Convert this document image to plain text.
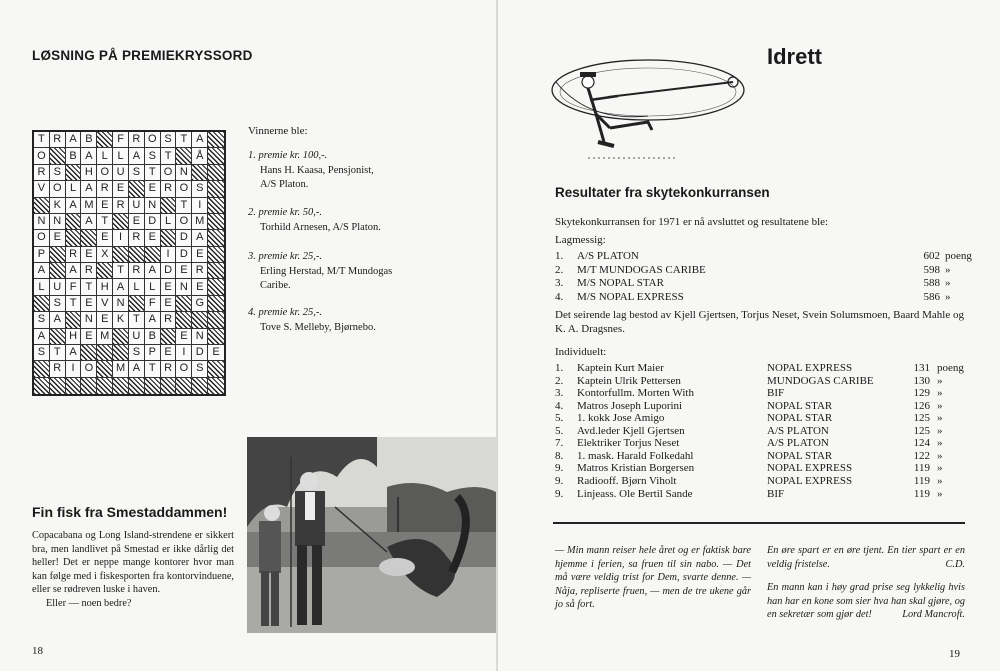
LØSNING PÅ PREMIEKRYSSORD
T R A B	F R O S T A
O	B A L L A S T	Å
R S	H O U S T O N
V O L A R E	E R O S
K A M E R U N	T I
N N	A T	E D L O M
O E	E I R E	D A
P	R E X	I D E
A	A R	T R A D E R
L U F T H A L L E N E
S T E V N	F E	G
S A	N E K T A R
A	H E M	U B	E N
S T A	S P E I D E
R I O	M A T R O S
Vinnerne ble:
1. premie kr. 100,-.
Hans H. Kaasa, Pensjonist,
A/S Platon.
2. premie kr. 50,-.
Torhild Arnesen, A/S Platon.
3. premie kr. 25,-.
Erling Herstad, M/T Mundogas
Caribe.
4. premie kr. 25,-.
Tove S. Melleby, Bjørnebo.
Fin fisk fra Smestaddammen!

Copacabana og Long Island-strendene er sikkert bra, men landlivet på Smestad er ikke dårlig det heller! Det er neppe mange kontorer hvor man kan følge med i fiskesporten fra kontorvinduene, eller se rødreven luske i haven.

Eller — noen bedre?

18
Idrett
Resultater fra skytekonkurransen
Skytekonkurransen for 1971 er nå avsluttet og resultatene ble:
Lagmessig:
1.	A/S PLATON	602 poeng
2.	M/T MUNDOGAS CARIBE	598 »
3.	M/S NOPAL STAR	588 »
4.	M/S NOPAL EXPRESS	586 »
Det seirende lag bestod av Kjell Gjertsen, Torjus Neset, Svein Solumsmoen, Baard Mahle og K. A. Dragsnes.
Individuelt:
1.	Kaptein Kurt Maier	NOPAL EXPRESS	131 poeng
2.	Kaptein Ulrik Pettersen	MUNDOGAS CARIBE	130 »
3.	Kontorfullm. Morten With	BIF	129 »
4.	Matros Joseph Luporini	NOPAL STAR	126 »
5.	1. kokk Jose Amigo	NOPAL STAR	125 »
5.	Avd.leder Kjell Gjertsen	A/S PLATON	125 »
7.	Elektriker Torjus Neset	A/S PLATON	124 »
8.	1. mask. Harald Folkedahl	NOPAL STAR	122 »
9.	Matros Kristian Borgersen	NOPAL EXPRESS	119 »
9.	Radiooff. Bjørn Viholt	NOPAL EXPRESS	119 »
9.	Linjeass. Ole Bertil Sande	BIF	119 »
— Min mann reiser hele året og er faktisk bare hjemme i ferien, sa fruen til sin nabo. — Det må være veldig trist for Dem, svarte denne. — Nåja, repliserte fruen, — men de tre ukene går jo så fort.

En øre spart er en øre tjent. En tier spart er en veldig fristelse.	C.D.

En mann kan i høy grad prise seg lykkelig hvis han har en kone som sier hva han skal gjøre, og en sekretær som gjør det!	Lord Mancroft.

19
